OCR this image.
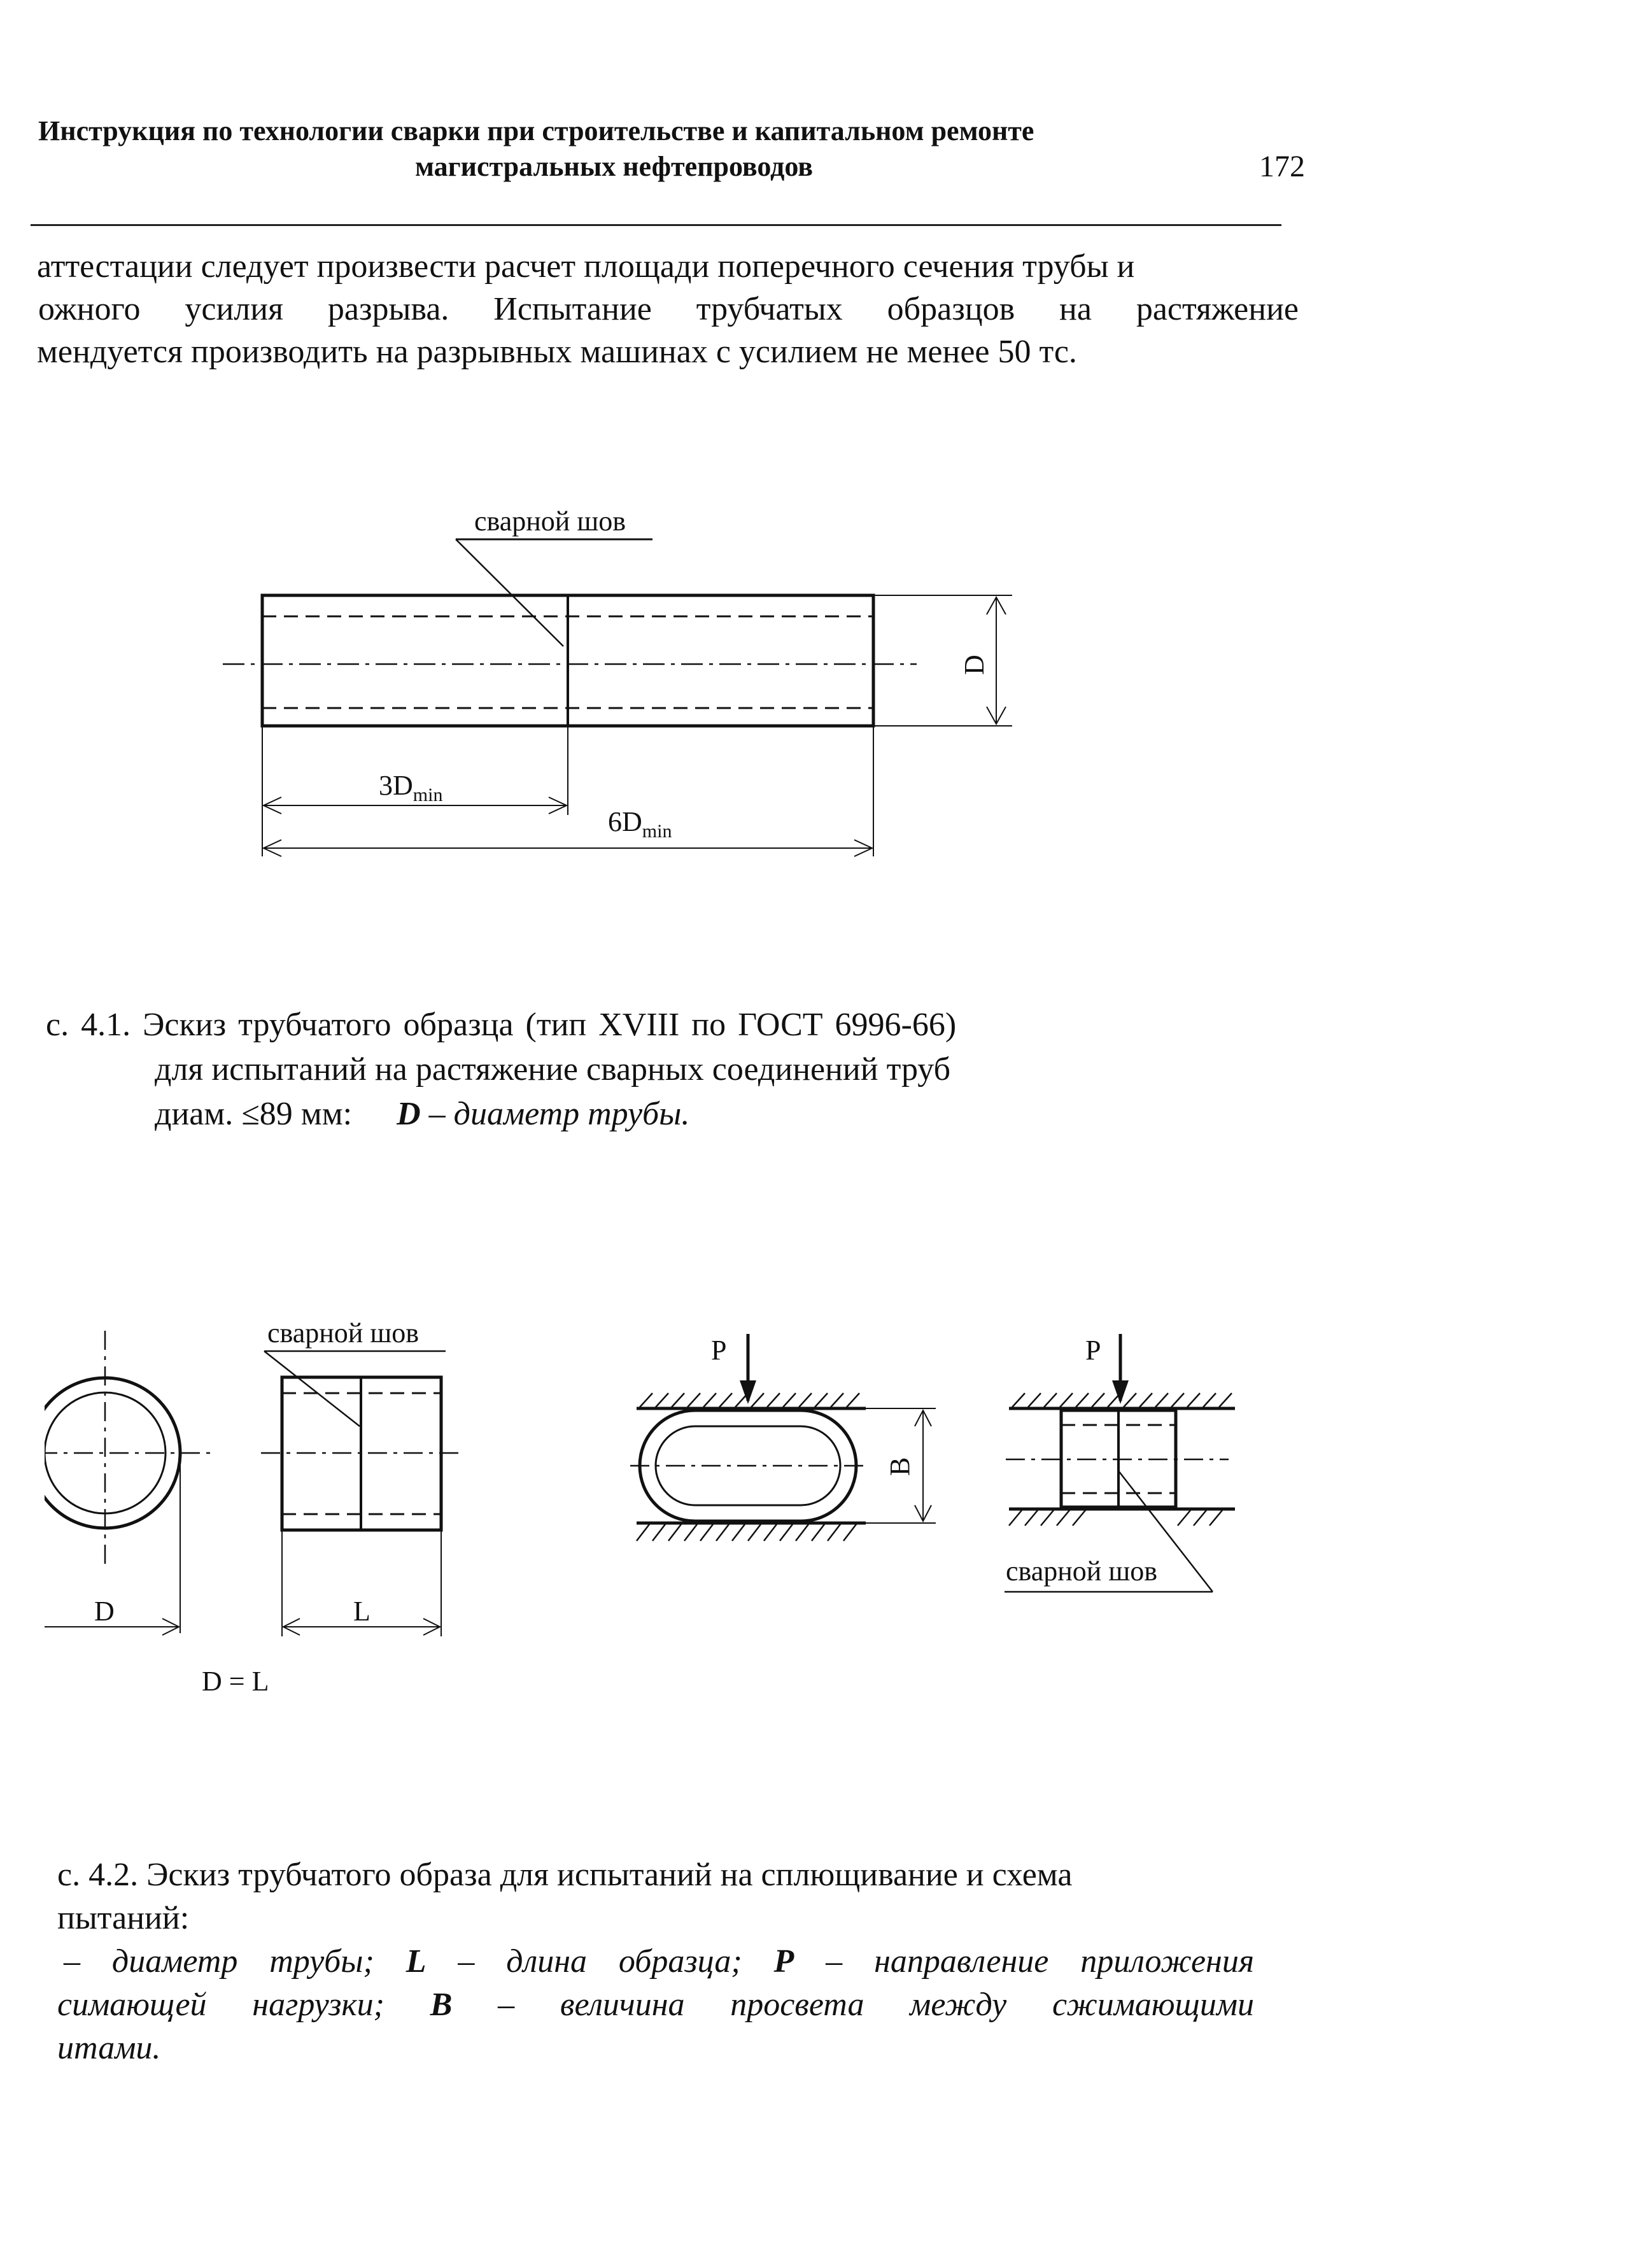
Инструкция по технологии сварки при строительстве и капитальном ремонте
магистральных нефтепроводов	172
аттестации следует произвести расчет площади поперечного сечения трубы и
ожного усилия разрыва. Испытание трубчатых образцов на растяжение
мендуется производить на разрывных машинах с усилием не менее 50 тс.
сварной шов
D
$3D_{min}$
$6D_{min}$
с. 4.1. Эскиз трубчатого образца (тип XVIII по ГОСТ 6996-66)
для испытаний на растяжение сварных соединений труб
диам. ≤89 мм: D – диаметр трубы.
D
сварной шов
L
D = L
P
B
P
сварной шов
с. 4.2. Эскиз трубчатого образа для испытаний на сплющивание и схема
пытаний:
– диаметр трубы; L – длина образца; P – направление приложения
симающей нагрузки; B – величина просвета между сжимающими
итами.
